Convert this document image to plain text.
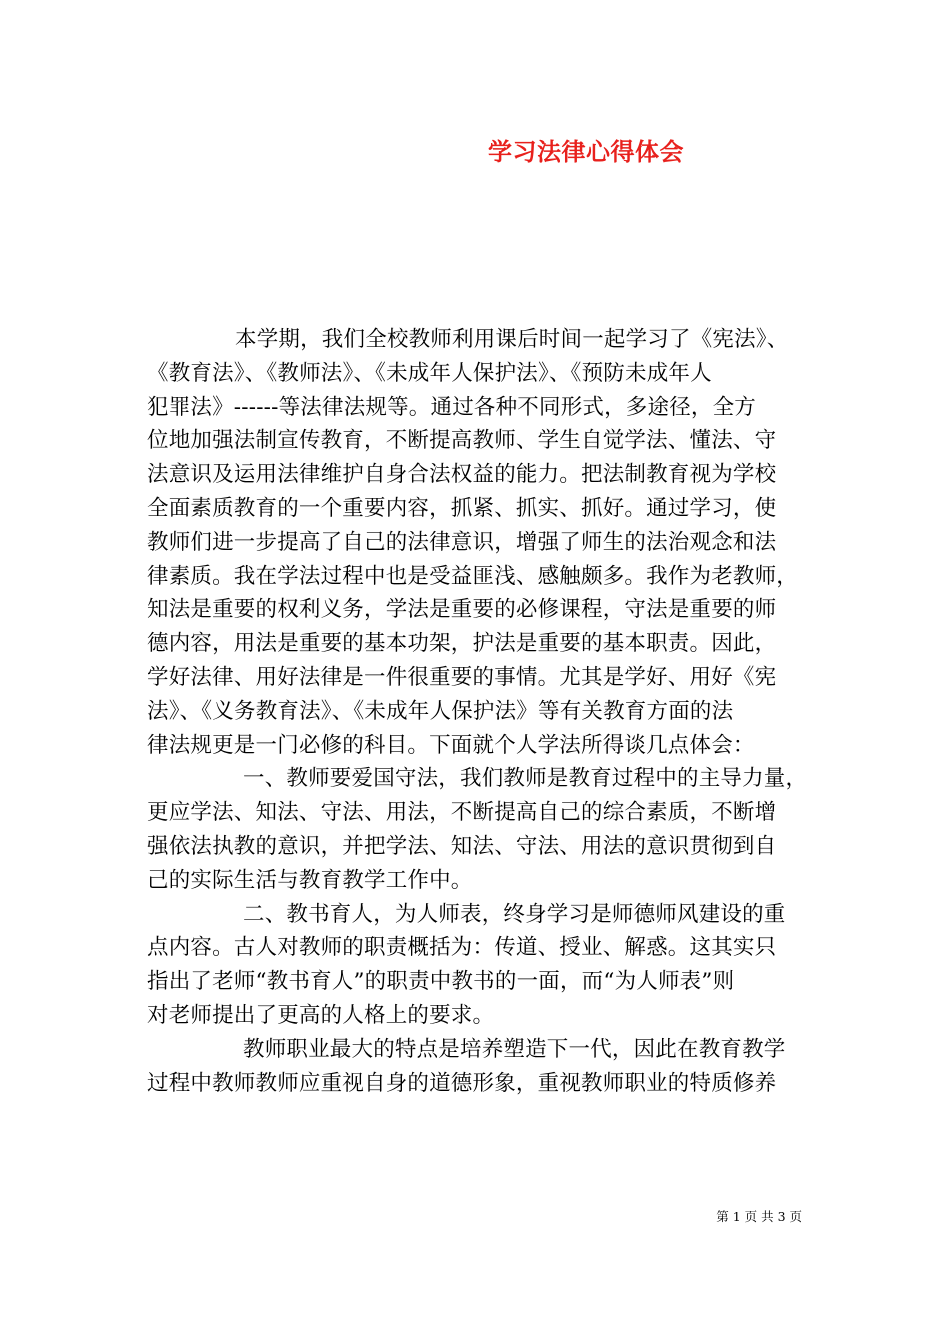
学习法律心得体会
本学期，我们全校教师利用课后时间一起学习了《宪法》、
《教育法》、《教师法》、《未成年人保护法》、《预防未成年人
犯罪法》------等法律法规等。通过各种不同形式，多途径，全方
位地加强法制宣传教育，不断提高教师、学生自觉学法、懂法、守
法意识及运用法律维护自身合法权益的能力。把法制教育视为学校
全面素质教育的一个重要内容，抓紧、抓实、抓好。通过学习，使
教师们进一步提高了自己的法律意识，增强了师生的法治观念和法
律素质。我在学法过程中也是受益匪浅、感触颇多。我作为老教师，
知法是重要的权利义务，学法是重要的必修课程，守法是重要的师
德内容，用法是重要的基本功架，护法是重要的基本职责。因此，
学好法律、用好法律是一件很重要的事情。尤其是学好、用好《宪
法》、《义务教育法》、《未成年人保护法》等有关教育方面的法
律法规更是一门必修的科目。下面就个人学法所得谈几点体会：
一、教师要爱国守法，我们教师是教育过程中的主导力量，
更应学法、知法、守法、用法，不断提高自己的综合素质，不断增
强依法执教的意识，并把学法、知法、守法、用法的意识贯彻到自
己的实际生活与教育教学工作中。
二、教书育人，为人师表，终身学习是师德师风建设的重
点内容。古人对教师的职责概括为：传道、授业、解惑。这其实只
指出了老师“教书育人”的职责中教书的一面，而“为人师表”则
对老师提出了更高的人格上的要求。
教师职业最大的特点是培养塑造下一代，因此在教育教学
过程中教师教师应重视自身的道德形象，重视教师职业的特质修养
第 1 页 共 3 页
